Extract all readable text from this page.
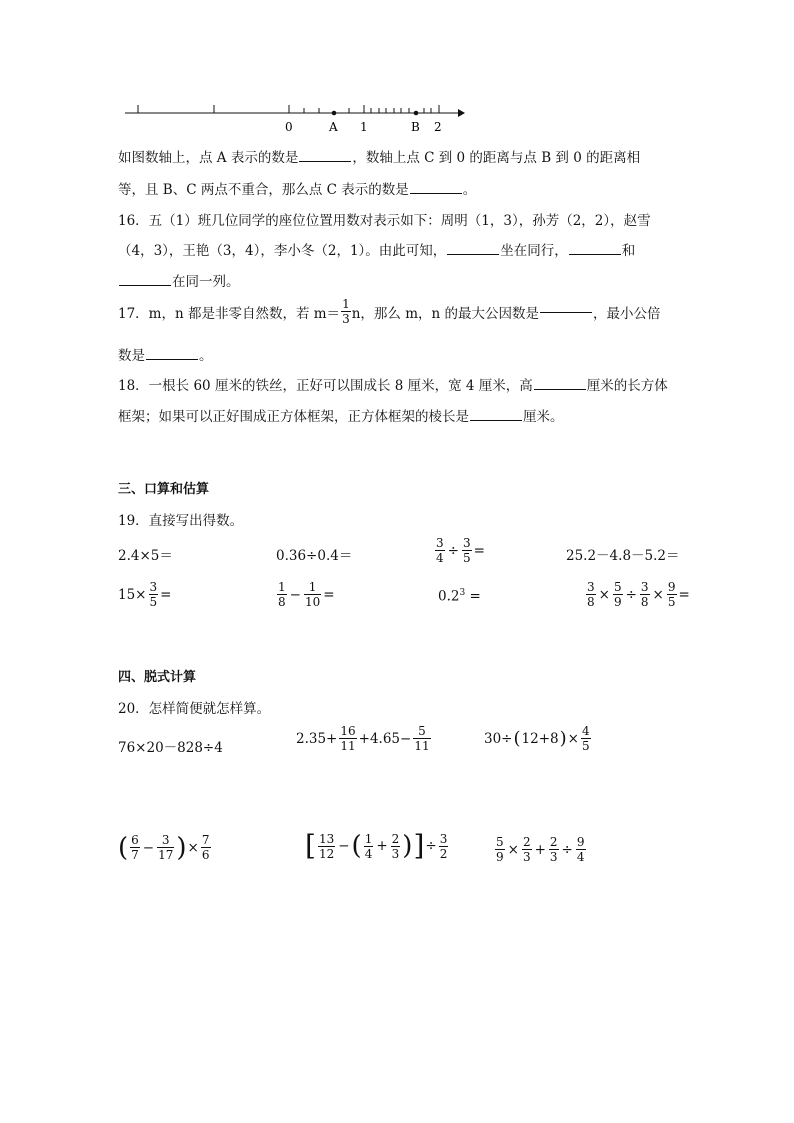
0	A 1	B 2
如图数轴上，点 A 表示的数是	，数轴上点 C 到 0 的距离与点 B 到 0 的距离相
等，且 B、C 两点不重合，那么点 C 表示的数是	。
16．五（1）班几位同学的座位位置用数对表示如下：周明（1，3），孙芳（2，2），赵雪
（4，3），王艳（3，4），李小冬（2，1）。由此可知，	坐在同行，	和
在同一列。
17．m，n 都是非零自然数，若 $m= \frac{1}{3}$ n，那么 m，n 的最大公因数是	，最小公倍
数是	。
18．一根长 60 厘米的铁丝，正好可以围成长 8 厘米，宽 4 厘米，高	厘米的长方体
框架；如果可以正好围成正方体框架，正方体框架的棱长是	厘米。
三、口算和估算
19．直接写出得数。
2.4×5＝	0.36÷0.4＝	$\frac{3}{4} \div \frac{3}{5}$ =	25.2－4.8－5.2＝
$15\times \frac{3}{5}$ =	$\frac{1}{8} - \frac{1}{10}$ =	$0.2^3$ =	$\frac{3}{8} \times \frac{5}{9} \div \frac{3}{8} \times \frac{9}{5}$ =
四、脱式计算
20．怎样简便就怎样算。
76×20－828÷4
$2.35+ \frac{16}{11} +4.65- \frac{5}{11}$	30÷ ( 12+8 ) × $\frac{4}{5}$
( $\frac{6}{7} - \frac{3}{17}$ ) × $\frac{7}{6}$	[ $\frac{13}{12}$ − ( $\frac{1}{4} + \frac{2}{3}$ ) ] ÷ $\frac{3}{2}$	$\frac{5}{9} \times \frac{2}{3} + \frac{2}{3} \div \frac{9}{4}$
